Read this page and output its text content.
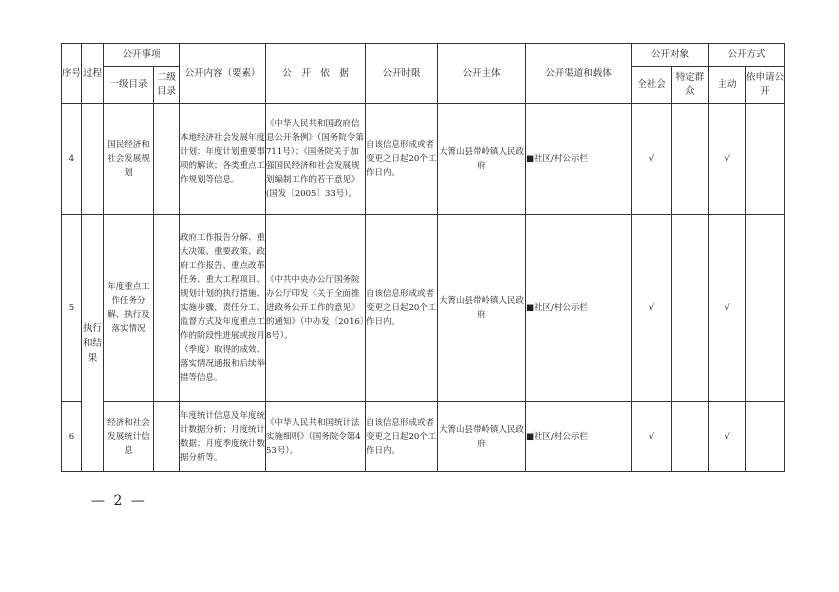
序号	过程	公开事项		公开内容（要素）	公　开　依　据	公开时限	公开主体	公开渠道和载体	公开对象		公开方式	
		一级目录	二级目录						全社会	特定群众	主动	依申请公开
4		国民经济和社会发展规划		本地经济社会发展年度计划：年度计划重要事项的解读；各类重点工作规划等信息。	《中华人民共和国政府信息公开条例》（国务院令第711号）；《国务院关于加强国民经济和社会发展规划编制工作的若干意见》(国发〔2005〕33号）。	自该信息形成或者变更之日起20个工作日内。	大箐山县带岭镇人民政府	■社区/村公示栏	√		√	
5	执行和结果	年度重点工作任务分解、执行及落实情况		政府工作报告分解、重大决策、重要政策、政府工作报告、重点改革任务、重大工程项目、规划计划的执行措施、实施步骤、责任分工、监督方式及年度重点工作的阶段性进展或按月（季度）取得的成效、落实情况通报和后续举措等信息。	《中共中央办公厅国务院办公厅印发〈关于全面推进政务公开工作的意见〉的通知》（中办发〔2016〕8号）。	自该信息形成或者变更之日起20个工作日内。	大箐山县带岭镇人民政府	■社区/村公示栏	√		√	
6		经济和社会发展统计信息		年度统计信息及年度统计数据分析；月度统计数据；月度季度统计数据分析等。	《中华人民共和国统计法实施细则》（国务院令第453号）。	自该信息形成或者变更之日起20个工作日内。	大箐山县带岭镇人民政府	■社区/村公示栏	√		√	
— 2 —
